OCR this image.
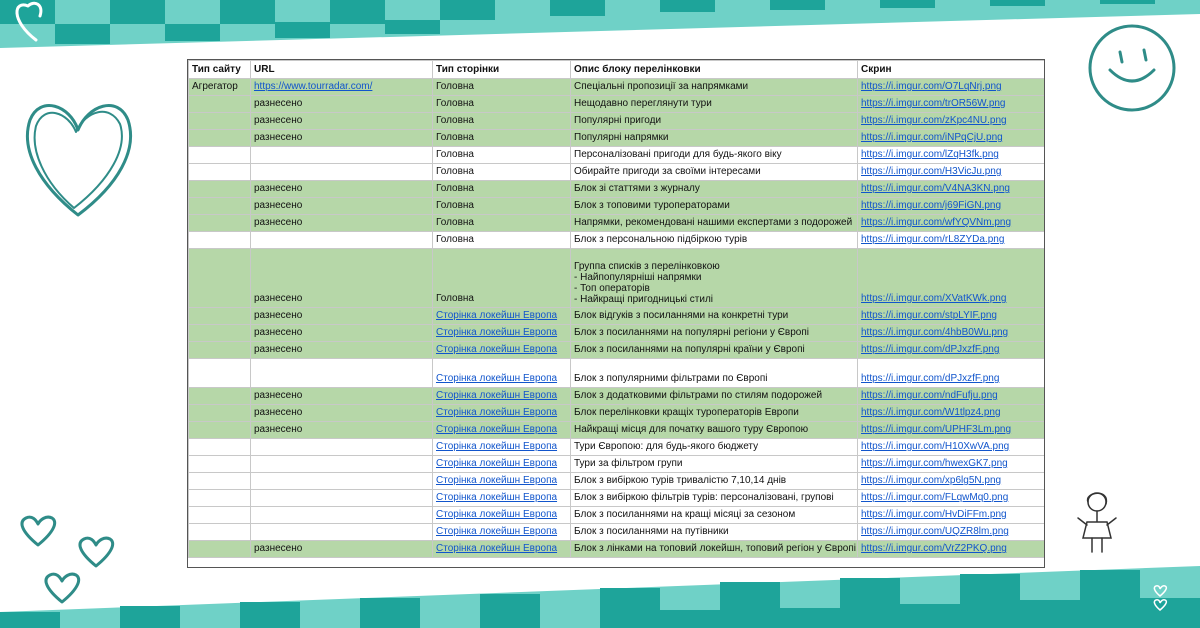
Тип сайту	URL	Тип сторінки	Опис блоку перелінковки	Скрин
Агрегатор	https://www.tourradar.com/	Головна	Спеціальні пропозиції за напрямками	https://i.imgur.com/O7LqNrj.png
	разнесено	Головна	Нещодавно переглянути тури	https://i.imgur.com/trOR56W.png
	разнесено	Головна	Популярні пригоди	https://i.imgur.com/zKpc4NU.png
	разнесено	Головна	Популярні напрямки	https://i.imgur.com/iNPqCjU.png
		Головна	Персоналізовані пригоди для будь-якого віку	https://i.imgur.com/lZqH3fk.png
		Головна	Обирайте пригоди за своїми інтересами	https://i.imgur.com/H3VicJu.png
	разнесено	Головна	Блок зі статтями з журналу	https://i.imgur.com/V4NA3KN.png
	разнесено	Головна	Блок з топовими туроператорами	https://i.imgur.com/j69FiGN.png
	разнесено	Головна	Напрямки, рекомендовані нашими експертами з подорожей	https://i.imgur.com/wfYQVNm.png
		Головна	Блок з персональною підбіркою турів	https://i.imgur.com/rL8ZYDa.png
	разнесено	Головна	Группа списків з перелінковкою
- Найпопулярніші напрямки
- Топ операторів
- Найкращі пригодницькі стилі	https://i.imgur.com/XVatKWk.png
	разнесено	Сторінка локейшн Европа	Блок відгуків з посиланнями на конкретні тури	https://i.imgur.com/stpLYIF.png
	разнесено	Сторінка локейшн Европа	Блок з посиланнями на популярні регіони у Європі	https://i.imgur.com/4hbB0Wu.png
	разнесено	Сторінка локейшн Европа	Блок з посиланнями на популярні країни у Європі	https://i.imgur.com/dPJxzfF.png
		Сторінка локейшн Европа	Блок з популярними фільтрами по Європі	https://i.imgur.com/dPJxzfF.png
	разнесено	Сторінка локейшн Европа	Блок з додатковими фільтрами по стилям подорожей	https://i.imgur.com/ndFufju.png
	разнесено	Сторінка локейшн Европа	Блок перелінковки кращіх туроператорів Европи	https://i.imgur.com/W1tlpz4.png
	разнесено	Сторінка локейшн Европа	Найкращі місця для початку вашого туру Європою	https://i.imgur.com/UPHF3Lm.png
		Сторінка локейшн Европа	Тури Європою: для будь-якого бюджету	https://i.imgur.com/H10XwVA.png
		Сторінка локейшн Европа	Тури за фільтром групи	https://i.imgur.com/hwexGK7.png
		Сторінка локейшн Европа	Блок з вибіркою турів тривалістю 7,10,14 днів	https://i.imgur.com/xp6lg5N.png
		Сторінка локейшн Европа	Блок з вибіркою фільтрів турів: персоналізовані, групові	https://i.imgur.com/FLqwMq0.png
		Сторінка локейшн Европа	Блок з посиланнями на кращі місяці за сезоном	https://i.imgur.com/HvDiFFm.png
		Сторінка локейшн Европа	Блок з посиланнями на путівники	https://i.imgur.com/UQZR8lm.png
	разнесено	Сторінка локейшн Европа	Блок з лінками на топовий локейшн, топовий регіон у Європі	https://i.imgur.com/VrZ2PKQ.png
